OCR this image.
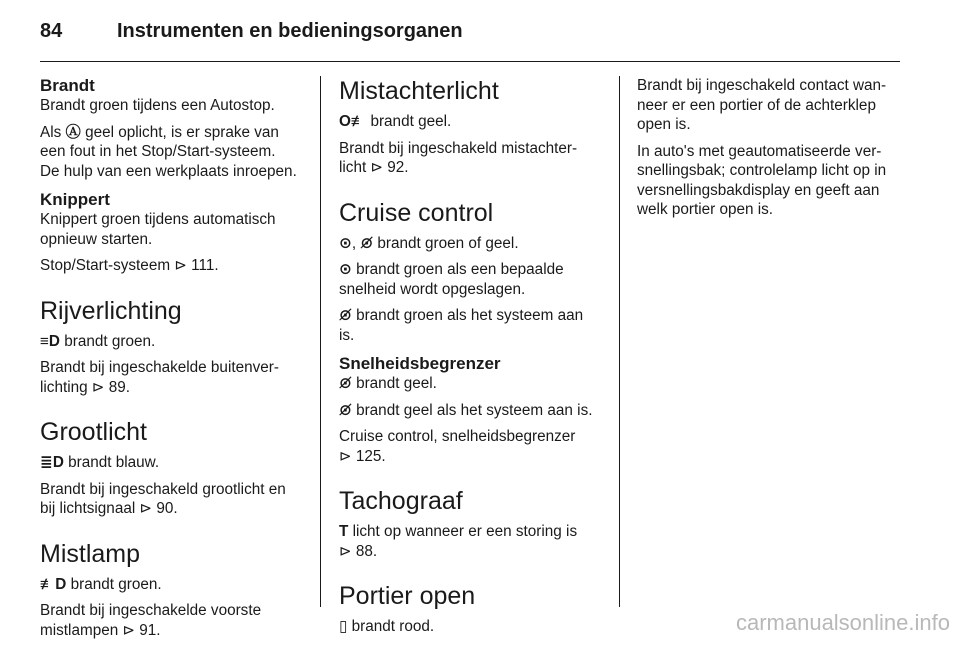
84	Instrumenten en bedieningsorganen
Brandt

Brandt groen tijdens een Autostop.

Als Ⓐ geel oplicht, is er sprake van
een fout in het Stop/Start-systeem.
De hulp van een werkplaats inroepen.

Knippert

Knippert groen tijdens automatisch
opnieuw starten.

Stop/Start-systeem ⊳ 111.

Rijverlichting

≡D brandt groen.

Brandt bij ingeschakelde buitenver-
lichting ⊳ 89.

Grootlicht

≣D brandt blauw.

Brandt bij ingeschakeld grootlicht en
bij lichtsignaal ⊳ 90.

Mistlamp

≢D brandt groen.

Brandt bij ingeschakelde voorste
mistlampen ⊳ 91.

Mistachterlicht

O≢ brandt geel.

Brandt bij ingeschakeld mistachter-
licht ⊳ 92.

Cruise control

⊙, ⊙̸ brandt groen of geel.

⊙ brandt groen als een bepaalde
snelheid wordt opgeslagen.

⊙̸ brandt groen als het systeem aan
is.

Snelheidsbegrenzer

⊙̸ brandt geel.

⊙̸ brandt geel als het systeem aan is.

Cruise control, snelheidsbegrenzer
⊳ 125.

Tachograaf

T licht op wanneer er een storing is
⊳ 88.

Portier open

▯ brandt rood.

Brandt bij ingeschakeld contact wan-
neer er een portier of de achterklep
open is.

In auto's met geautomatiseerde ver-
snellingsbak; controlelamp licht op in
versnellingsbakdisplay en geeft aan
welk portier open is.

carmanualsonline.info
